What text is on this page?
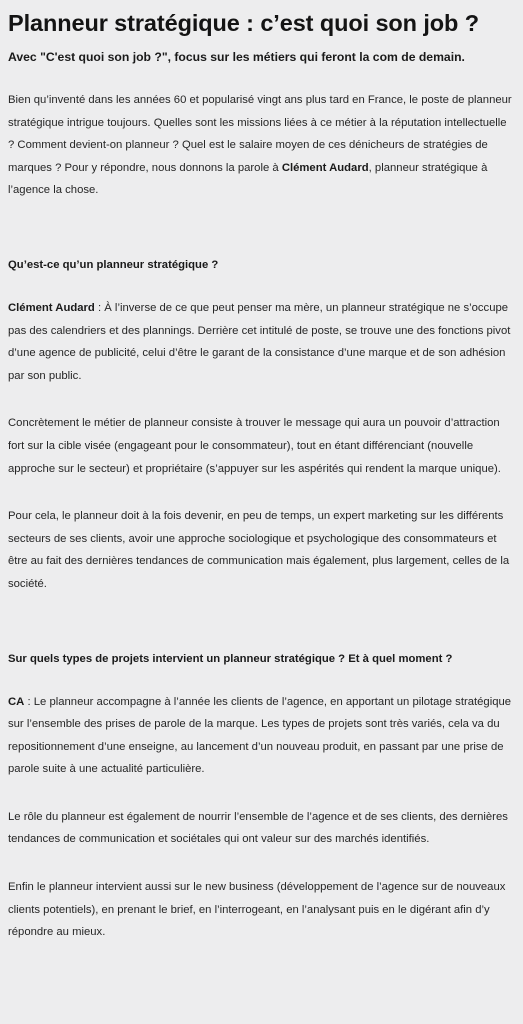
Planneur stratégique : c’est quoi son job ?

Avec "C'est quoi son job ?", focus sur les métiers qui feront la com de demain.

Bien qu’inventé dans les années 60 et popularisé vingt ans plus tard en France, le poste de planneur stratégique intrigue toujours. Quelles sont les missions liées à ce métier à la réputation intellectuelle ? Comment devient-on planneur ? Quel est le salaire moyen de ces dénicheurs de stratégies de marques ? Pour y répondre, nous donnons la parole à Clément Audard, planneur stratégique à l’agence la chose.

Qu’est-ce qu’un planneur stratégique ?

Clément Audard : À l’inverse de ce que peut penser ma mère, un planneur stratégique ne s’occupe pas des calendriers et des plannings. Derrière cet intitulé de poste, se trouve une des fonctions pivot d’une agence de publicité, celui d’être le garant de la consistance d’une marque et de son adhésion par son public.

Concrètement le métier de planneur consiste à trouver le message qui aura un pouvoir d’attraction fort sur la cible visée (engageant pour le consommateur), tout en étant différenciant (nouvelle approche sur le secteur) et propriétaire (s’appuyer sur les aspérités qui rendent la marque unique).

Pour cela, le planneur doit à la fois devenir, en peu de temps, un expert marketing sur les différents secteurs de ses clients, avoir une approche sociologique et psychologique des consommateurs et être au fait des dernières tendances de communication mais également, plus largement, celles de la société.

Sur quels types de projets intervient un planneur stratégique ? Et à quel moment ?

CA : Le planneur accompagne à l’année les clients de l’agence, en apportant un pilotage stratégique sur l’ensemble des prises de parole de la marque. Les types de projets sont très variés, cela va du repositionnement d’une enseigne, au lancement d’un nouveau produit, en passant par une prise de parole suite à une actualité particulière.

Le rôle du planneur est également de nourrir l’ensemble de l’agence et de ses clients, des dernières tendances de communication et sociétales qui ont valeur sur des marchés identifiés.

Enfin le planneur intervient aussi sur le new business (développement de l’agence sur de nouveaux clients potentiels), en prenant le brief, en l’interrogeant, en l’analysant puis en le digérant afin d’y répondre au mieux.
